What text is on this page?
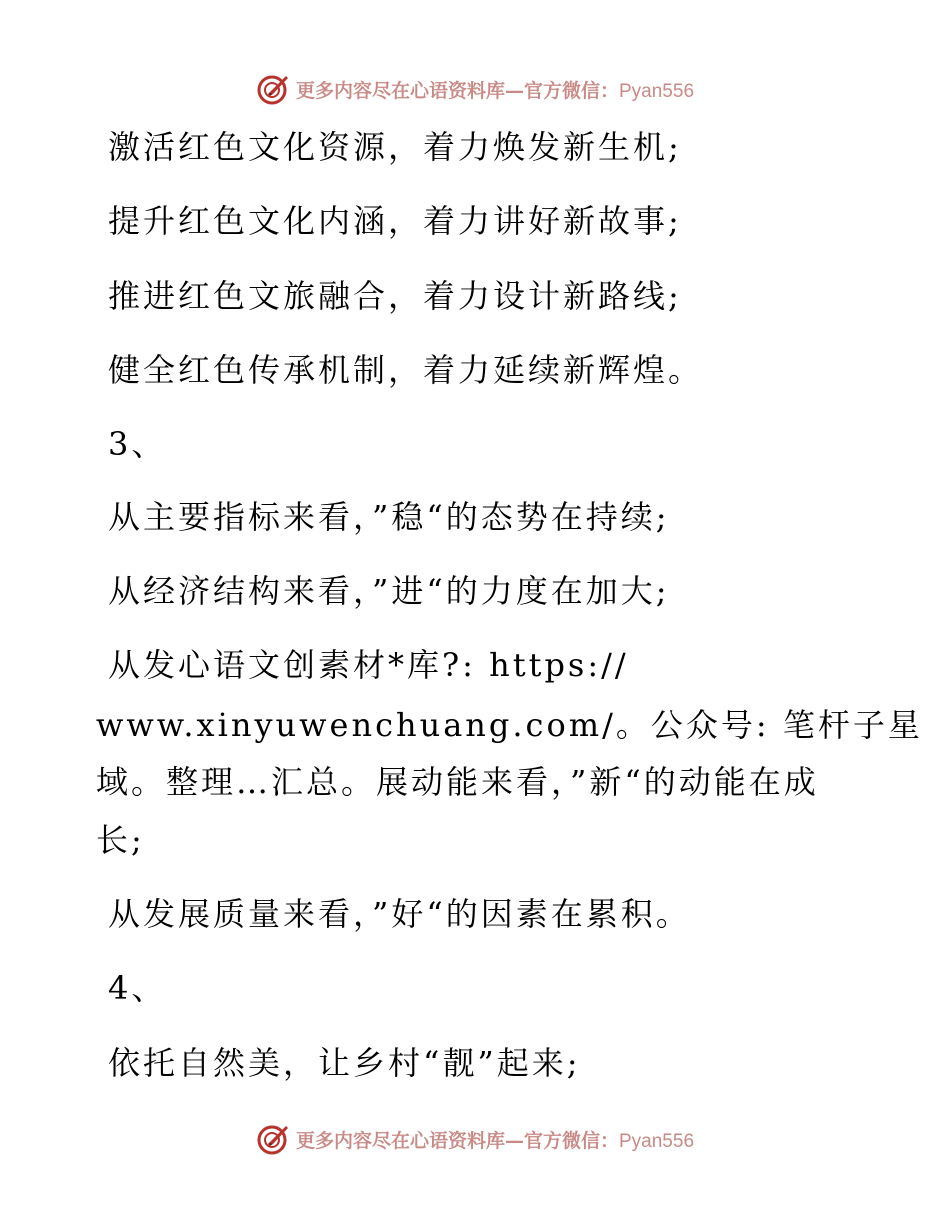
更多内容尽在心语资料库—官方微信：Pyan556
激活红色文化资源，着力焕发新生机;
提升红色文化内涵，着力讲好新故事;
推进红色文旅融合，着力设计新路线;
健全红色传承机制，着力延续新辉煌。
3、
从主要指标来看，”稳“的态势在持续;
从经济结构来看，”进“的力度在加大;
从发心语文创素材*库?: https://
www.xinyuwenchuang.com/。公众号: 笔杆子星
域。整理…汇总。展动能来看，”新“的动能在成
长;
从发展质量来看，”好“的因素在累积。
4、
依托自然美，让乡村“靓”起来;
更多内容尽在心语资料库—官方微信：Pyan556
